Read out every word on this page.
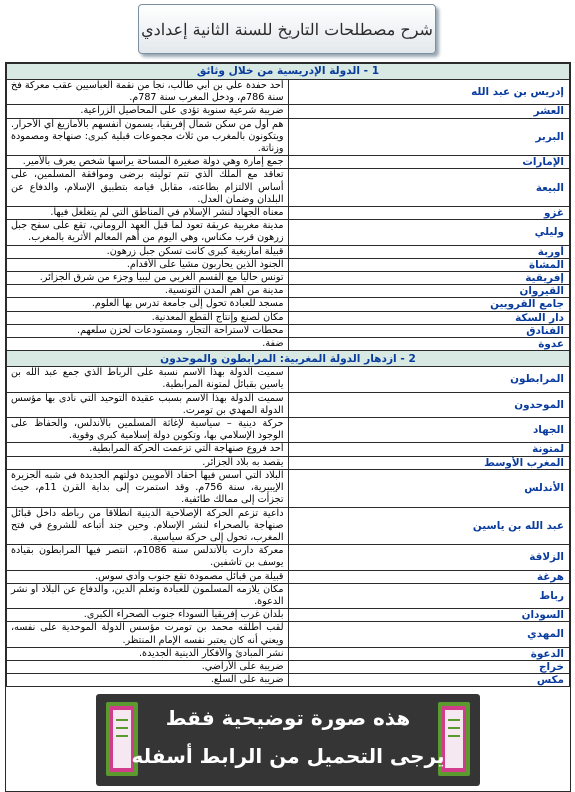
شرح مصطلحات التاريخ للسنة الثانية إعدادي
1 - الدولة الإدريسية من خلال وثائق	
إدريس بن عبد الله	أحد حفدة علي بن أبي طالب، نجا من نقمة العباسيين عقب معركة فخ سنة 786م، ودخل المغرب سنة 787م.
العشر	ضريبة شرعية سنوية تؤدى على المحاصيل الزراعية.
البربر	هم أول من سكن شمال إفريقيا، يسمون أنفسهم بالأمازيغ أي الأحرار. ويتكونون بالمغرب من ثلاث مجموعات قبلية كبرى: صنهاجة ومصمودة وزناتة.
الإمارات	جمع إمارة وهي دولة صغيرة المساحة يرأسها شخص يعرف بالأمير.
البيعة	تعاقد مع الملك الذي تتم توليته برضى وموافقة المسلمين، على أساس الالتزام بطاعته، مقابل قيامه بتطبيق الإسلام، والدفاع عن البلدان وضمان العدل.
غزو	معناه الجهاد لنشر الإسلام في المناطق التي لم يتغلغل فيها.
وليلي	مدينة مغربية عريقة تعود لما قبل العهد الروماني، تقع على سفح جبل زرهون قرب مكناس، وهي اليوم من أهم المعالم الأثرية بالمغرب.
أوربة	قبيلة أمازيغية كبرى كانت تسكن جبل زرهون.
المشاة	الجنود الذين يحاربون مشيا على الأقدام.
إفريقية	تونس حاليا مع القسم الغربي من ليبيا وجزء من شرق الجزائر.
القيروان	مدينة من أهم المدن التونسية.
جامع القرويين	مسجد للعبادة تحول إلى جامعة تدرس بها العلوم.
دار السكة	مكان لصنع وإنتاج القطع المعدنية.
الفنادق	محطات لاستراحة التجار، ومستودعات لخزن سلعهم.
عدوة	ضفة.
2 - ازدهار الدولة المغربية: المرابطون والموحدون	
المرابطون	سميت الدولة بهذا الاسم نسبة على الرباط الذي جمع عبد الله بن ياسين بقبائل لمتونة المرابطية.
الموحدون	سميت الدولة بهذا الاسم بسبب عقيدة التوحيد التي نادى بها مؤسس الدولة المهدي بن تومرت.
الجهاد	حركة دينية – سياسية لإغاثة المسلمين بالأندلس، والحفاظ على الوجود الإسلامي بها، وتكوين دولة إسلامية كبرى وقوية.
لمتونة	أحد فروع صنهاجة التي تزعمت الحركة المرابطية.
المغرب الأوسط	يقصد به بلاد الجزائر.
الأندلس	البلاد التي أسس فيها أحفاد الأمويين دولتهم الجديدة في شبه الجزيرة الإيبيرية، سنة 756م. وقد استمرت إلى بداية القرن 11م، حيث تجزأت إلى ممالك طائفية.
عبد الله بن ياسين	داعية تزعم الحركة الإصلاحية الدينية انطلاقا من رباطه داخل قبائل صنهاجة بالصحراء لنشر الإسلام. وحين جند أتباعه للشروع في فتح المغرب، تحول إلى حركة سياسية.
الزلاقة	معركة دارت بالأندلس سنة 1086م، انتصر فيها المرابطون بقيادة يوسف بن تاشفين.
هرغة	قبيلة من قبائل مصمودة تقع جنوب وادي سوس.
رباط	مكان يلازمه المسلمون للعبادة وتعلم الدين، والدفاع عن البلاد أو نشر الدعوة.
السودان	بلدان غرب إفريقيا السوداء جنوب الصحراء الكبرى.
المهدي	لقب أطلقه محمد بن تومرت مؤسس الدولة الموحدية على نفسه، ويعني أنه كان يعتبر نفسه الإمام المنتظر.
الدعوة	نشر المبادئ والأفكار الدينية الجديدة.
خراج	ضريبة على الأراضي.
مكس	ضريبة على السلع.
هذه صورة توضيحية فقط
يرجى التحميل من الرابط أسفله
